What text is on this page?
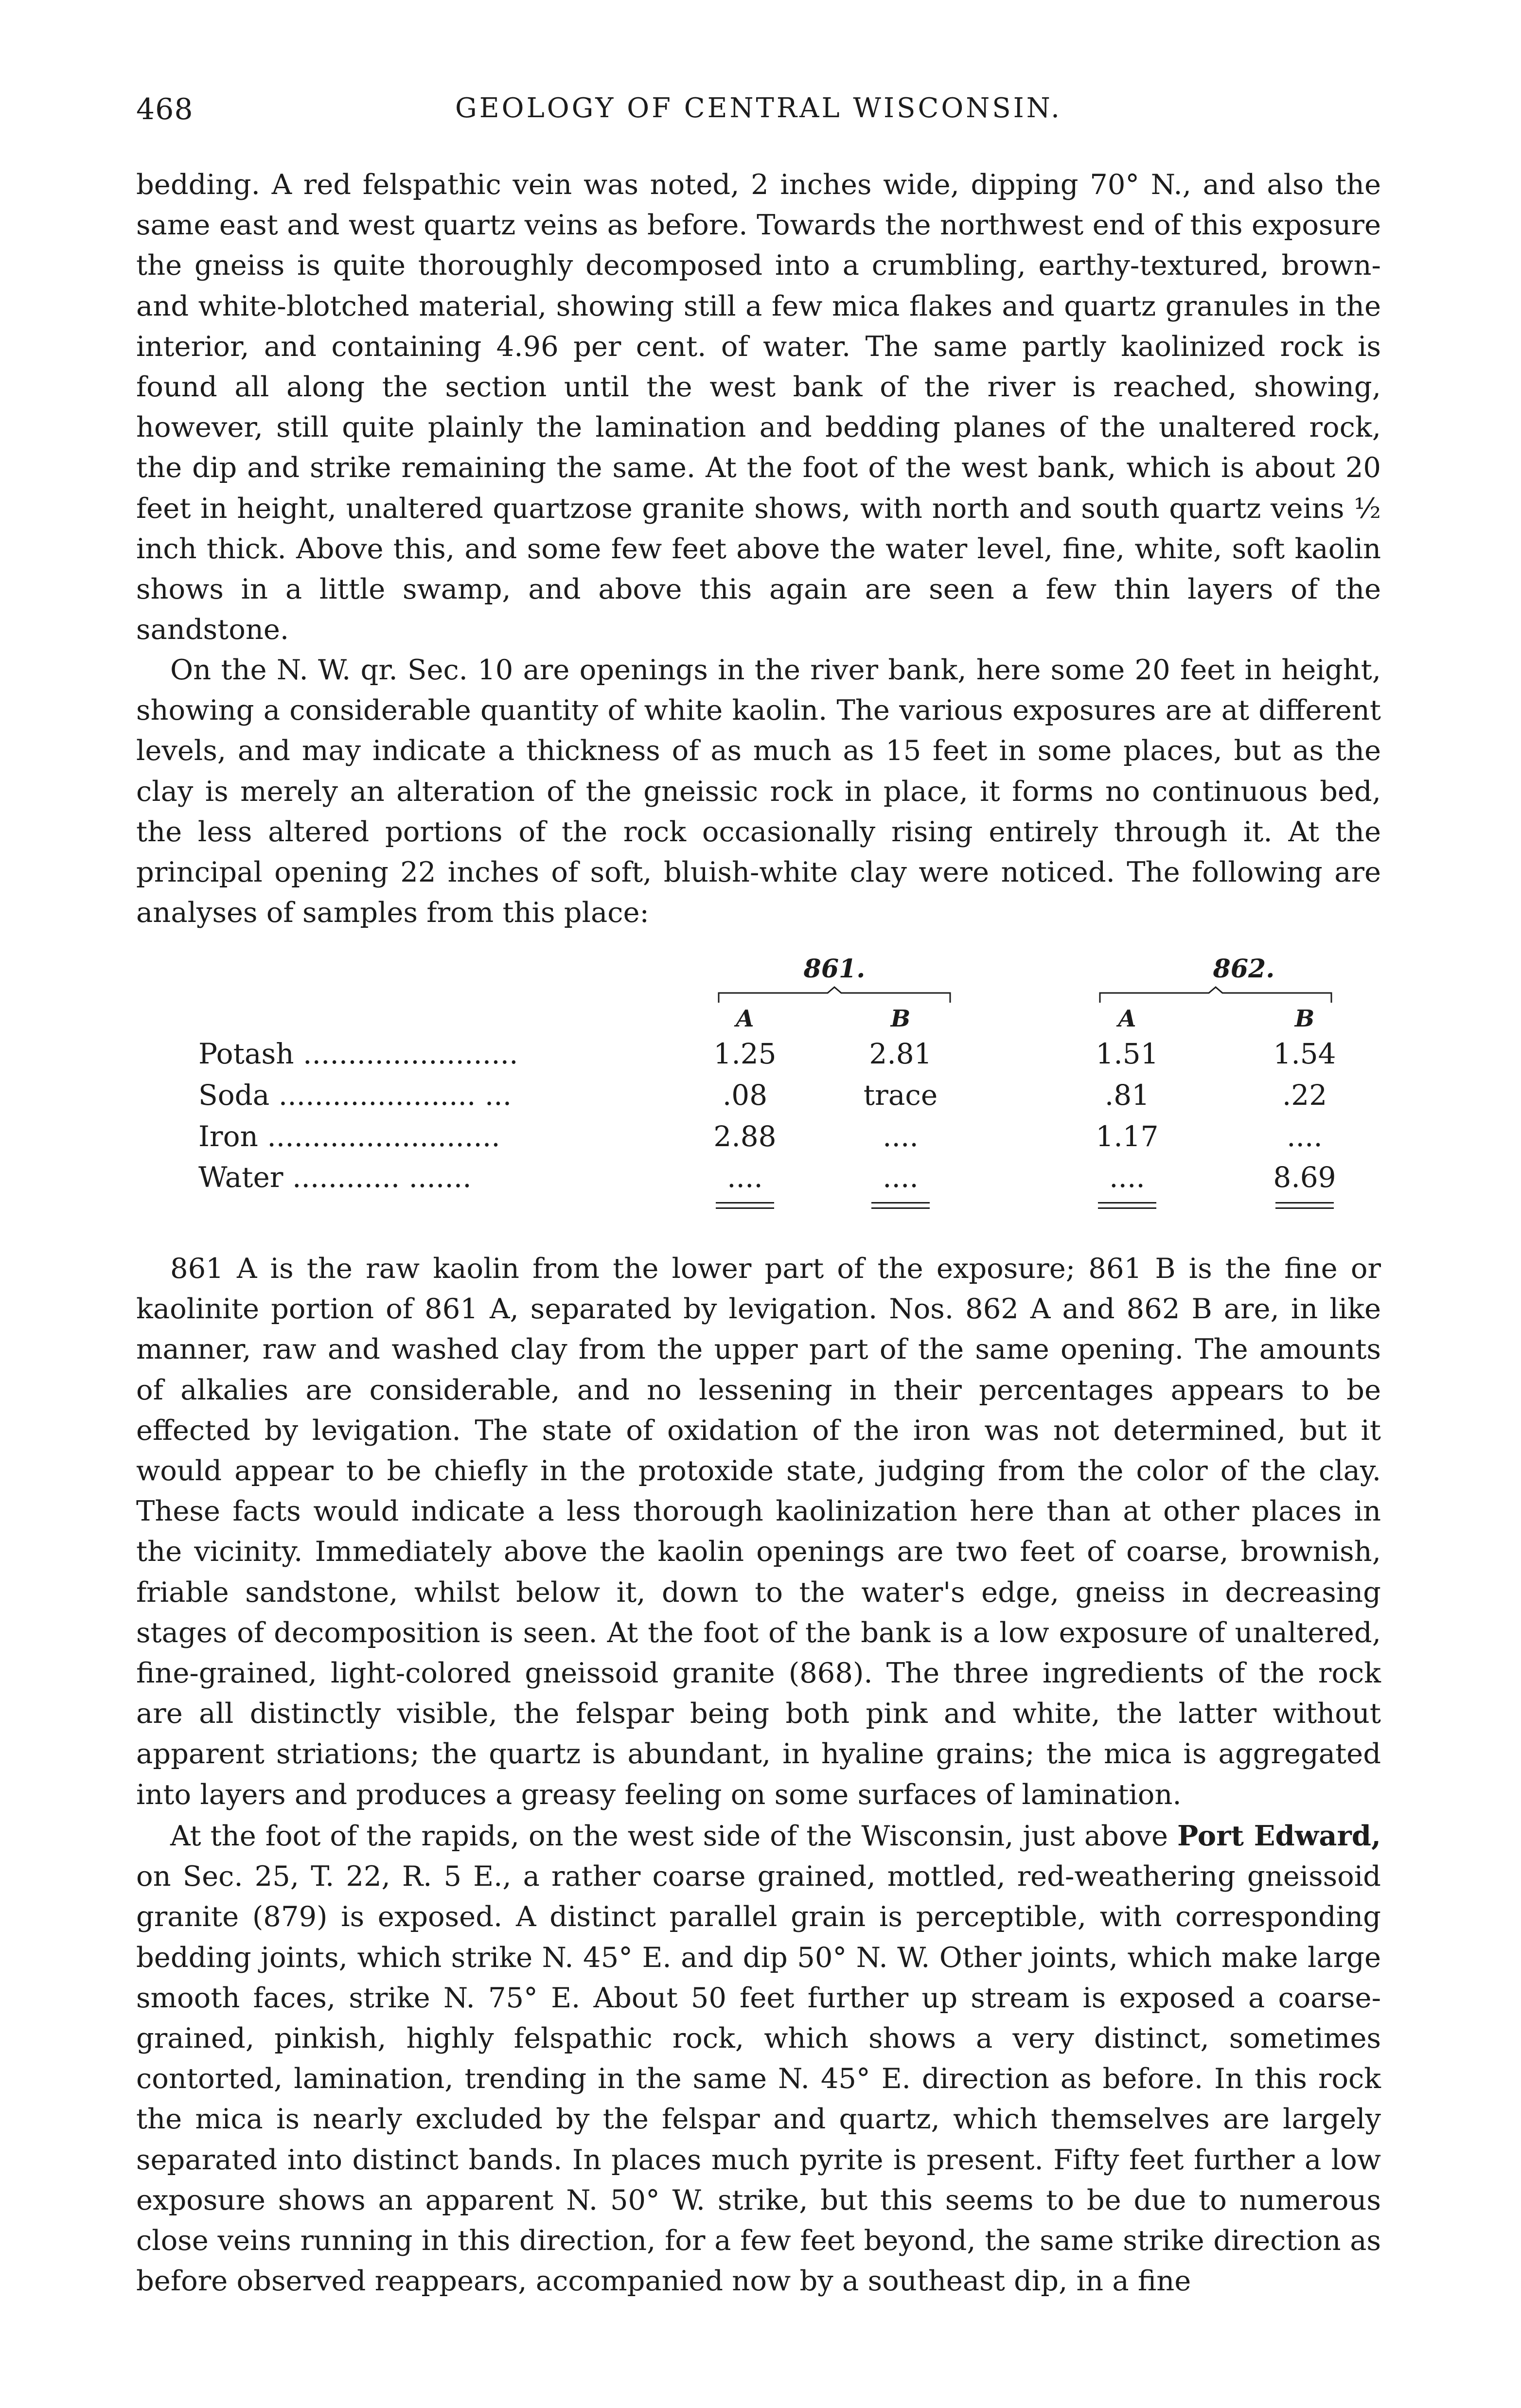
468	GEOLOGY OF CENTRAL WISCONSIN.

bedding. A red felspathic vein was noted, 2 inches wide, dipping 70° N., and also the same east and west quartz veins as before. Towards the northwest end of this exposure the gneiss is quite thoroughly decomposed into a crumbling, earthy-textured, brown- and white-blotched material, showing still a few mica flakes and quartz granules in the interior, and containing 4.96 per cent. of water. The same partly kaolinized rock is found all along the section until the west bank of the river is reached, showing, however, still quite plainly the lamination and bedding planes of the unaltered rock, the dip and strike remaining the same. At the foot of the west bank, which is about 20 feet in height, unaltered quartzose granite shows, with north and south quartz veins ½ inch thick. Above this, and some few feet above the water level, fine, white, soft kaolin shows in a little swamp, and above this again are seen a few thin layers of the sandstone.

On the N. W. qr. Sec. 10 are openings in the river bank, here some 20 feet in height, showing a considerable quantity of white kaolin. The various exposures are at different levels, and may indicate a thickness of as much as 15 feet in some places, but as the clay is merely an alteration of the gneissic rock in place, it forms no continuous bed, the less altered portions of the rock occasionally rising entirely through it. At the principal opening 22 inches of soft, bluish-white clay were noticed. The following are analyses of samples from this place:

861.	862.
A	B	A	B
Potash ........................	1.25	2.81	1.51	1.54
Soda ...................... ...	.08	trace	.81	.22
Iron ..........................	2.88	....	1.17	....
Water ............ .......	....	....	....	8.69

861 A is the raw kaolin from the lower part of the exposure; 861 B is the fine or kaolinite portion of 861 A, separated by levigation. Nos. 862 A and 862 B are, in like manner, raw and washed clay from the upper part of the same opening. The amounts of alkalies are considerable, and no lessening in their percentages appears to be effected by levigation. The state of oxidation of the iron was not determined, but it would appear to be chiefly in the protoxide state, judging from the color of the clay. These facts would indicate a less thorough kaolinization here than at other places in the vicinity. Immediately above the kaolin openings are two feet of coarse, brownish, friable sandstone, whilst below it, down to the water's edge, gneiss in decreasing stages of decomposition is seen. At the foot of the bank is a low exposure of unaltered, fine-grained, light-colored gneissoid granite (868). The three ingredients of the rock are all distinctly visible, the felspar being both pink and white, the latter without apparent striations; the quartz is abundant, in hyaline grains; the mica is aggregated into layers and produces a greasy feeling on some surfaces of lamination.

At the foot of the rapids, on the west side of the Wisconsin, just above Port Edward, on Sec. 25, T. 22, R. 5 E., a rather coarse grained, mottled, red-weathering gneissoid granite (879) is exposed. A distinct parallel grain is perceptible, with corresponding bedding joints, which strike N. 45° E. and dip 50° N. W. Other joints, which make large smooth faces, strike N. 75° E. About 50 feet further up stream is exposed a coarse-grained, pinkish, highly felspathic rock, which shows a very distinct, sometimes contorted, lamination, trending in the same N. 45° E. direction as before. In this rock the mica is nearly excluded by the felspar and quartz, which themselves are largely separated into distinct bands. In places much pyrite is present. Fifty feet further a low exposure shows an apparent N. 50° W. strike, but this seems to be due to numerous close veins running in this direction, for a few feet beyond, the same strike direction as before observed reappears, accompanied now by a southeast dip, in a fine
